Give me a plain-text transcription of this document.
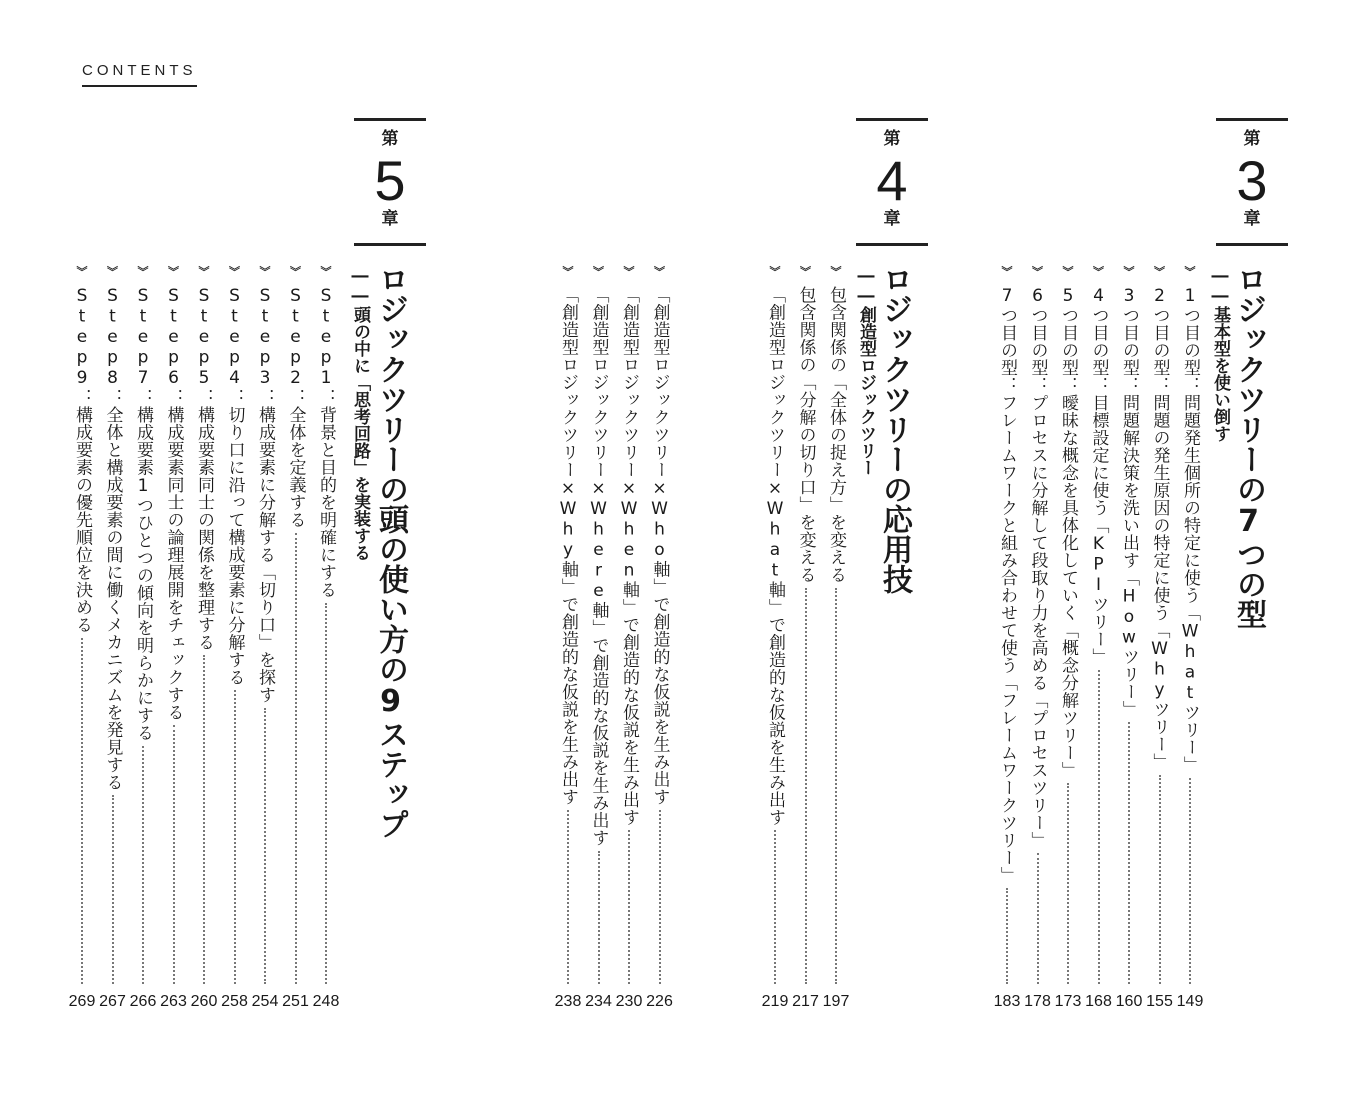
CONTENTS
第
3
章
ロジックツリーの7つの型
――基本型を使い倒す
》
1つ目の型：問題発生個所の特定に使う「Whatツリー」
149
》
2つ目の型：問題の発生原因の特定に使う「Whyツリー」
155
》
3つ目の型：問題解決策を洗い出す「Howツリー」
160
》
4つ目の型：目標設定に使う「KPIツリー」
168
》
5つ目の型：曖昧な概念を具体化していく「概念分解ツリー」
173
》
6つ目の型：プロセスに分解して段取り力を高める「プロセスツリー」
178
》
7つ目の型：フレームワークと組み合わせて使う「フレームワークツリー」
183
第
4
章
ロジックツリーの応用技
――創造型ロジックツリー
》
包含関係の「全体の捉え方」を変える
197
》
包含関係の「分解の切り口」を変える
217
》
「創造型ロジックツリー×What軸」で創造的な仮説を生み出す
219
》
「創造型ロジックツリー×Who軸」で創造的な仮説を生み出す
226
》
「創造型ロジックツリー×When軸」で創造的な仮説を生み出す
230
》
「創造型ロジックツリー×Where軸」で創造的な仮説を生み出す
234
》
「創造型ロジックツリー×Why軸」で創造的な仮説を生み出す
238
第
5
章
ロジックツリーの頭の使い方の9ステップ
――頭の中に「思考回路」を実装する
》
Step1：背景と目的を明確にする
248
》
Step2：全体を定義する
251
》
Step3：構成要素に分解する「切り口」を探す
254
》
Step4：切り口に沿って構成要素に分解する
258
》
Step5：構成要素同士の関係を整理する
260
》
Step6：構成要素同士の論理展開をチェックする
263
》
Step7：構成要素1つひとつの傾向を明らかにする
266
》
Step8：全体と構成要素の間に働くメカニズムを発見する
267
》
Step9：構成要素の優先順位を決める
269
